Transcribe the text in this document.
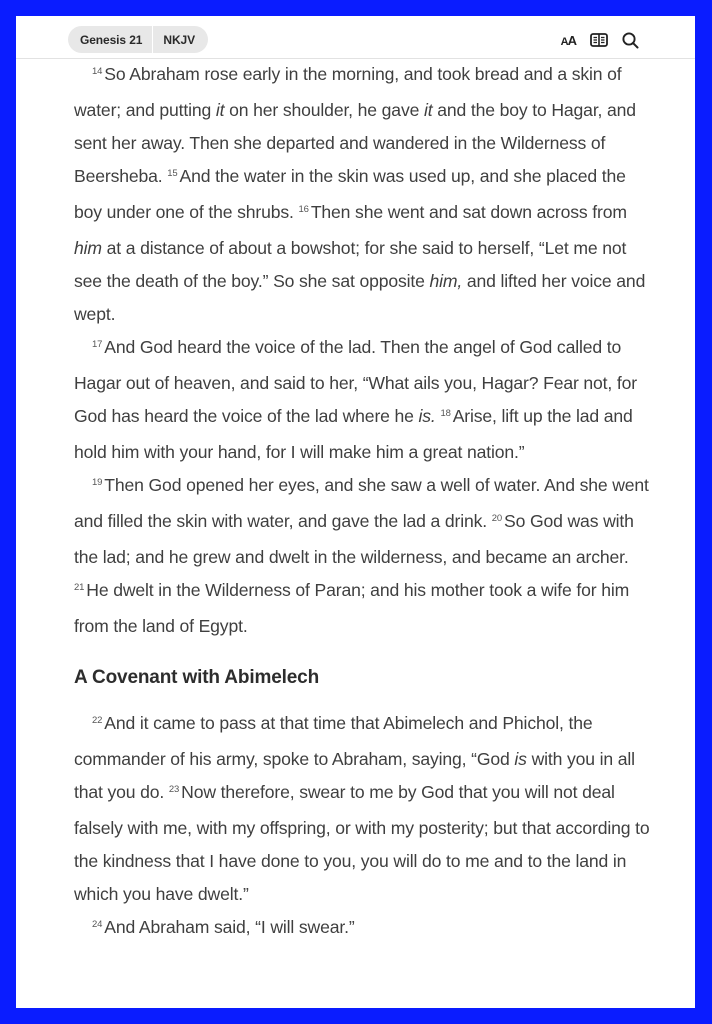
Genesis 21	NKJV	AA

$^{14}$ So Abraham rose early in the morning, and took bread and a skin of water; and putting it on her shoulder, he gave it and the boy to Hagar, and sent her away. Then she departed and wandered in the Wilderness of Beersheba. $^{15}$ And the water in the skin was used up, and she placed the boy under one of the shrubs. $^{16}$ Then she went and sat down across from him at a distance of about a bowshot; for she said to herself, “Let me not see the death of the boy.” So she sat opposite him, and lifted her voice and wept.

$^{17}$ And God heard the voice of the lad. Then the angel of God called to Hagar out of heaven, and said to her, “What ails you, Hagar? Fear not, for God has heard the voice of the lad where he is. $^{18}$ Arise, lift up the lad and hold him with your hand, for I will make him a great nation.”

$^{19}$ Then God opened her eyes, and she saw a well of water. And she went and filled the skin with water, and gave the lad a drink. $^{20}$ So God was with the lad; and he grew and dwelt in the wilderness, and became an archer. $^{21}$ He dwelt in the Wilderness of Paran; and his mother took a wife for him from the land of Egypt.

A Covenant with Abimelech

$^{22}$ And it came to pass at that time that Abimelech and Phichol, the commander of his army, spoke to Abraham, saying, “God is with you in all that you do. $^{23}$ Now therefore, swear to me by God that you will not deal falsely with me, with my offspring, or with my posterity; but that according to the kindness that I have done to you, you will do to me and to the land in which you have dwelt.”

$^{24}$ And Abraham said, “I will swear.”
